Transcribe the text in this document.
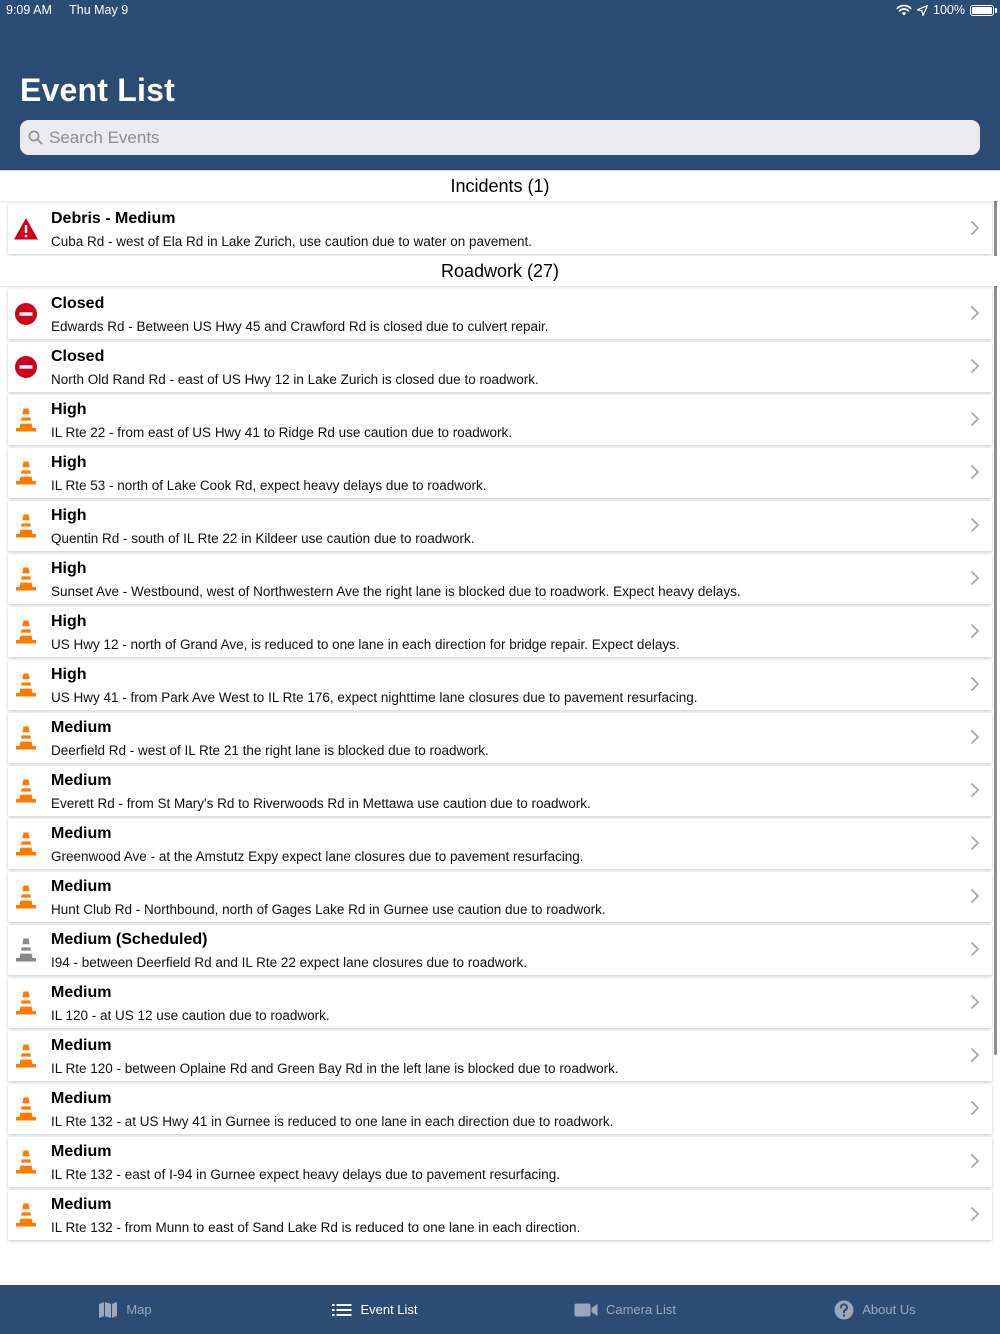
9:09 AM Thu May 9	100%
Event List
Search Events
Incidents (1)
Debris - Medium
Cuba Rd - west of Ela Rd in Lake Zurich, use caution due to water on pavement.
Roadwork (27)
Closed
Edwards Rd - Between US Hwy 45 and Crawford Rd is closed due to culvert repair.
Closed
North Old Rand Rd - east of US Hwy 12 in Lake Zurich is closed due to roadwork.
High
IL Rte 22 - from east of US Hwy 41 to Ridge Rd use caution due to roadwork.
High
IL Rte 53 - north of Lake Cook Rd, expect heavy delays due to roadwork.
High
Quentin Rd - south of IL Rte 22 in Kildeer use caution due to roadwork.
High
Sunset Ave - Westbound, west of Northwestern Ave the right lane is blocked due to roadwork. Expect heavy delays.
High
US Hwy 12 - north of Grand Ave, is reduced to one lane in each direction for bridge repair. Expect delays.
High
US Hwy 41 - from Park Ave West to IL Rte 176, expect nighttime lane closures due to pavement resurfacing.
Medium
Deerfield Rd - west of IL Rte 21 the right lane is blocked due to roadwork.
Medium
Everett Rd - from St Mary's Rd to Riverwoods Rd in Mettawa use caution due to roadwork.
Medium
Greenwood Ave - at the Amstutz Expy expect lane closures due to pavement resurfacing.
Medium
Hunt Club Rd - Northbound, north of Gages Lake Rd in Gurnee use caution due to roadwork.
Medium (Scheduled)
I94 - between Deerfield Rd and IL Rte 22 expect lane closures due to roadwork.
Medium
IL 120 - at US 12 use caution due to roadwork.
Medium
IL Rte 120 - between Oplaine Rd and Green Bay Rd in the left lane is blocked due to roadwork.
Medium
IL Rte 132 - at US Hwy 41 in Gurnee is reduced to one lane in each direction due to roadwork.
Medium
IL Rte 132 - east of I-94 in Gurnee expect heavy delays due to pavement resurfacing.
Medium
IL Rte 132 - from Munn to east of Sand Lake Rd is reduced to one lane in each direction.
Map	Event List	Camera List	About Us
